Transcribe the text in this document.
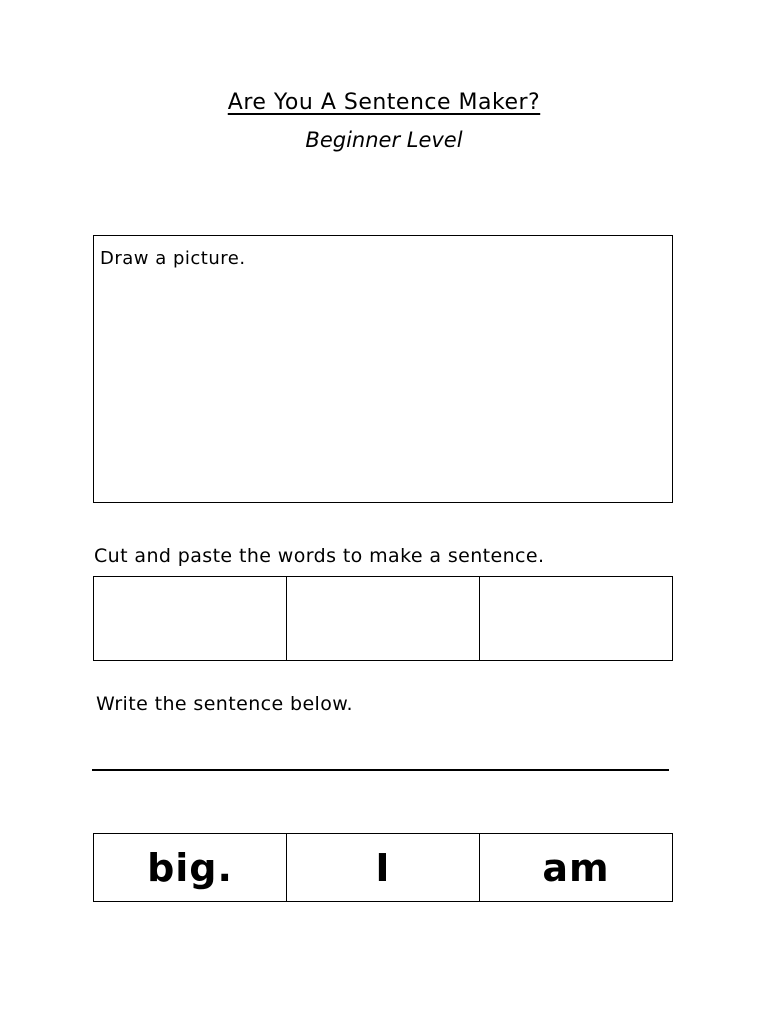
Are You A Sentence Maker?
Beginner Level
Draw a picture.
Cut and paste the words to make a sentence.
Write the sentence below.
big.	I	am
